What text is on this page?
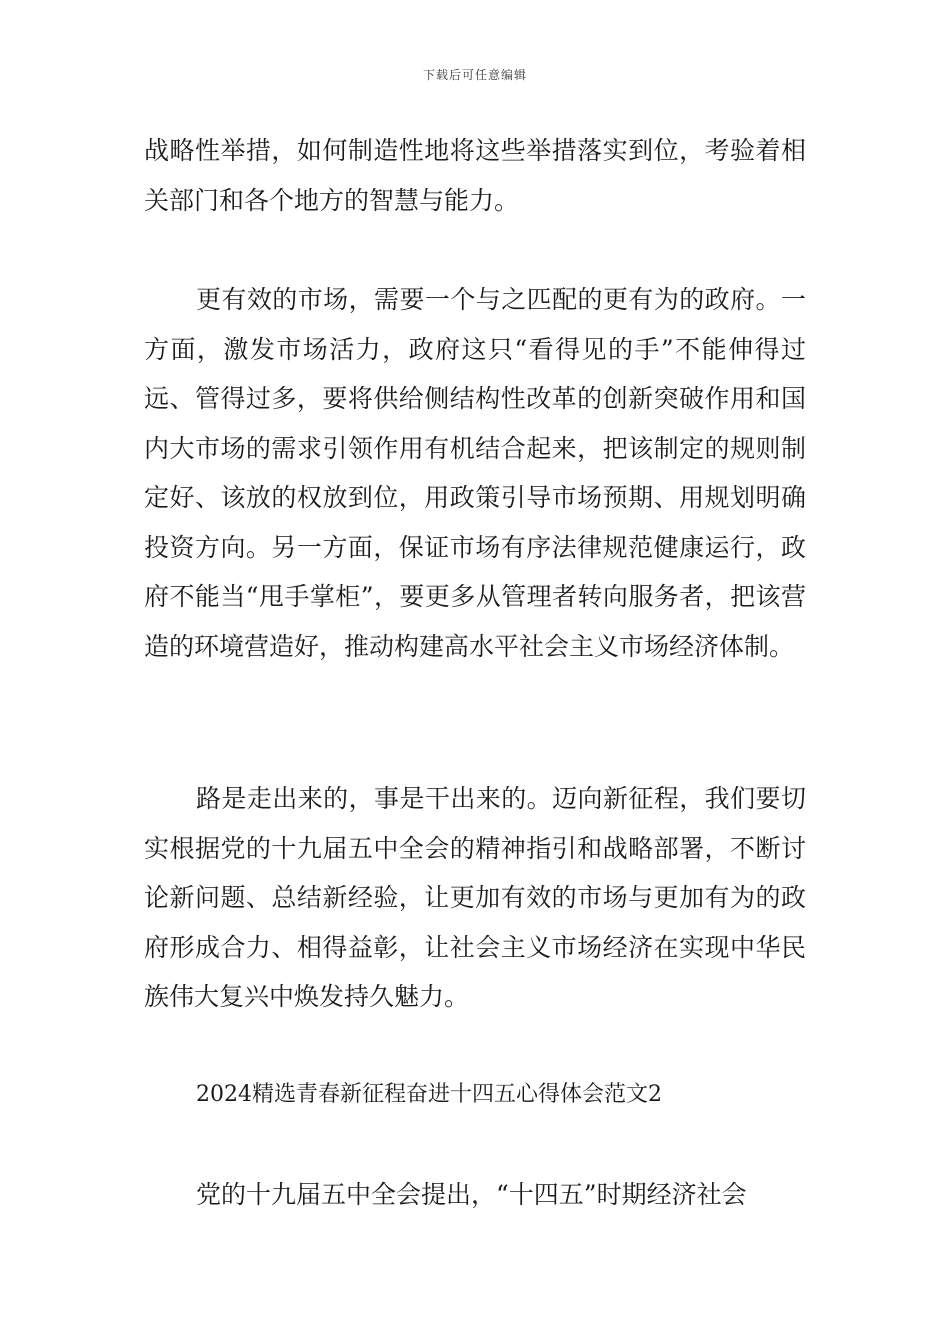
下载后可任意编辑
战略性举措，如何制造性地将这些举措落实到位，考验着相关部门和各个地方的智慧与能力。
更有效的市场，需要一个与之匹配的更有为的政府。一方面，激发市场活力，政府这只“看得见的手”不能伸得过远、管得过多，要将供给侧结构性改革的创新突破作用和国内大市场的需求引领作用有机结合起来，把该制定的规则制定好、该放的权放到位，用政策引导市场预期、用规划明确投资方向。另一方面，保证市场有序法律规范健康运行，政府不能当“甩手掌柜”，要更多从管理者转向服务者，把该营造的环境营造好，推动构建高水平社会主义市场经济体制。
路是走出来的，事是干出来的。迈向新征程，我们要切实根据党的十九届五中全会的精神指引和战略部署，不断讨论新问题、总结新经验，让更加有效的市场与更加有为的政府形成合力、相得益彰，让社会主义市场经济在实现中华民族伟大复兴中焕发持久魅力。
2024精选青春新征程奋进十四五心得体会范文2
党的十九届五中全会提出，“十四五”时期经济社会
